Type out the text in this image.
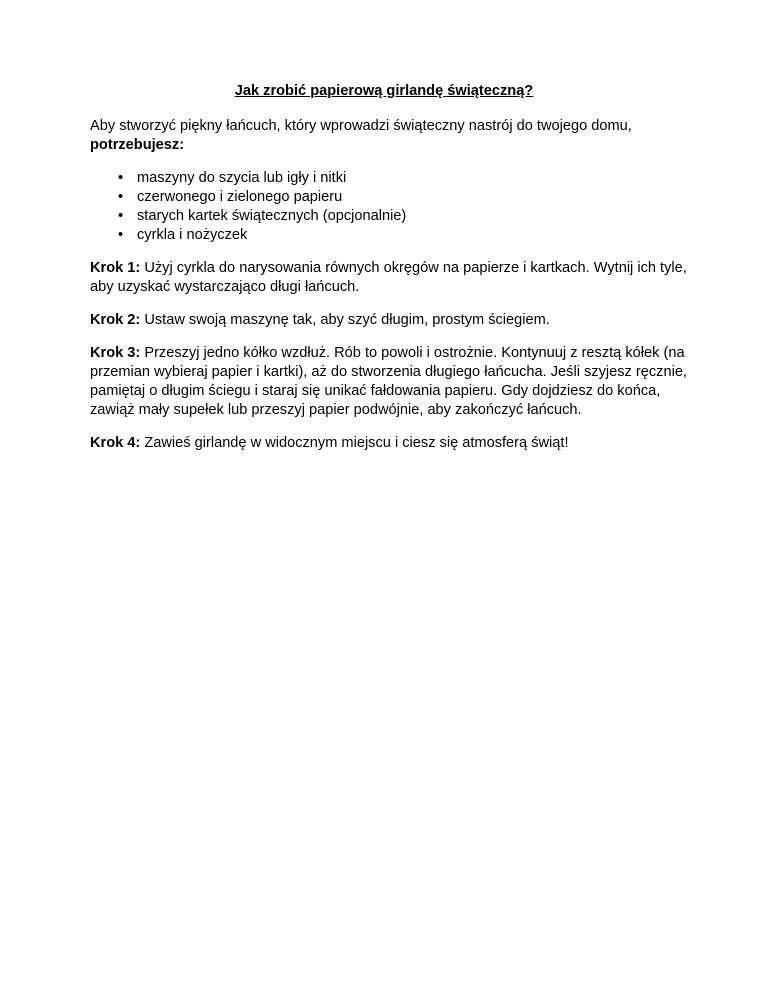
Jak zrobić papierową girlandę świąteczną?

Aby stworzyć piękny łańcuch, który wprowadzi świąteczny nastrój do twojego domu,
potrzebujesz:

• maszyny do szycia lub igły i nitki
• czerwonego i zielonego papieru
• starych kartek świątecznych (opcjonalnie)
• cyrkla i nożyczek

Krok 1: Użyj cyrkla do narysowania równych okręgów na papierze i kartkach. Wytnij ich tyle, aby uzyskać wystarczająco długi łańcuch.

Krok 2: Ustaw swoją maszynę tak, aby szyć długim, prostym ściegiem.

Krok 3: Przeszyj jedno kółko wzdłuż. Rób to powoli i ostrożnie. Kontynuuj z resztą kółek (na przemian wybieraj papier i kartki), aż do stworzenia długiego łańcucha. Jeśli szyjesz ręcznie, pamiętaj o długim ściegu i staraj się unikać fałdowania papieru. Gdy dojdziesz do końca, zawiąż mały supełek lub przeszyj papier podwójnie, aby zakończyć łańcuch.

Krok 4: Zawieś girlandę w widocznym miejscu i ciesz się atmosferą świąt!
